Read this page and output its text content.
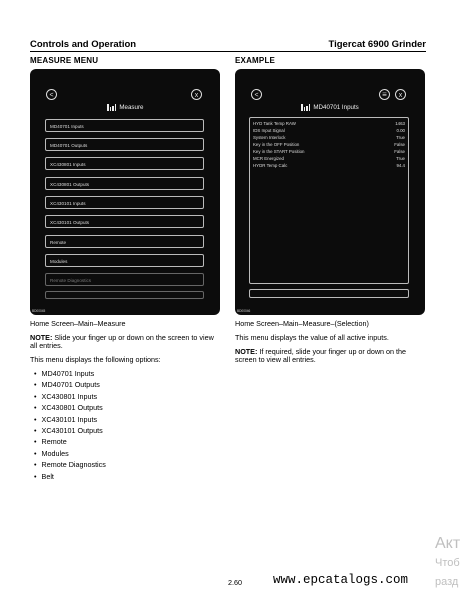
Controls and Operation	Tigercat 6900 Grinder
MEASURE MENU	EXAMPLE
<	x
Measure
MD40701 Inputs
MD40701 Outputs
XC430801 Inputs
XC430801 Outputs
XC430101 Inputs
XC430101 Outputs
Remote
Modules
Remote Diagnostics
BD00045
<	≡	x
MD40701 Inputs
HYD Tank Temp RAW	1463
IDS Input Signal	0.00
System Interlock	True
Key in the OFF Position	False
Key in the START Position	False
MCR Energized	True
HYDR Temp Calc	94.4
BD00046
Home Screen–Main–Measure
NOTE: Slide your finger up or down on the screen to view all entries.
This menu displays the following options:
• MD40701 Inputs
• MD40701 Outputs
• XC430801 Inputs
• XC430801 Outputs
• XC430101 Inputs
• XC430101 Outputs
• Remote
• Modules
• Remote Diagnostics
• Belt
Home Screen–Main–Measure–(Selection)
This menu displays the value of all active inputs.
NOTE: If required, slide your finger up or down on the screen to view all entries.
2.60 www.epcatalogs.com
Акт
Чтоб
разд
